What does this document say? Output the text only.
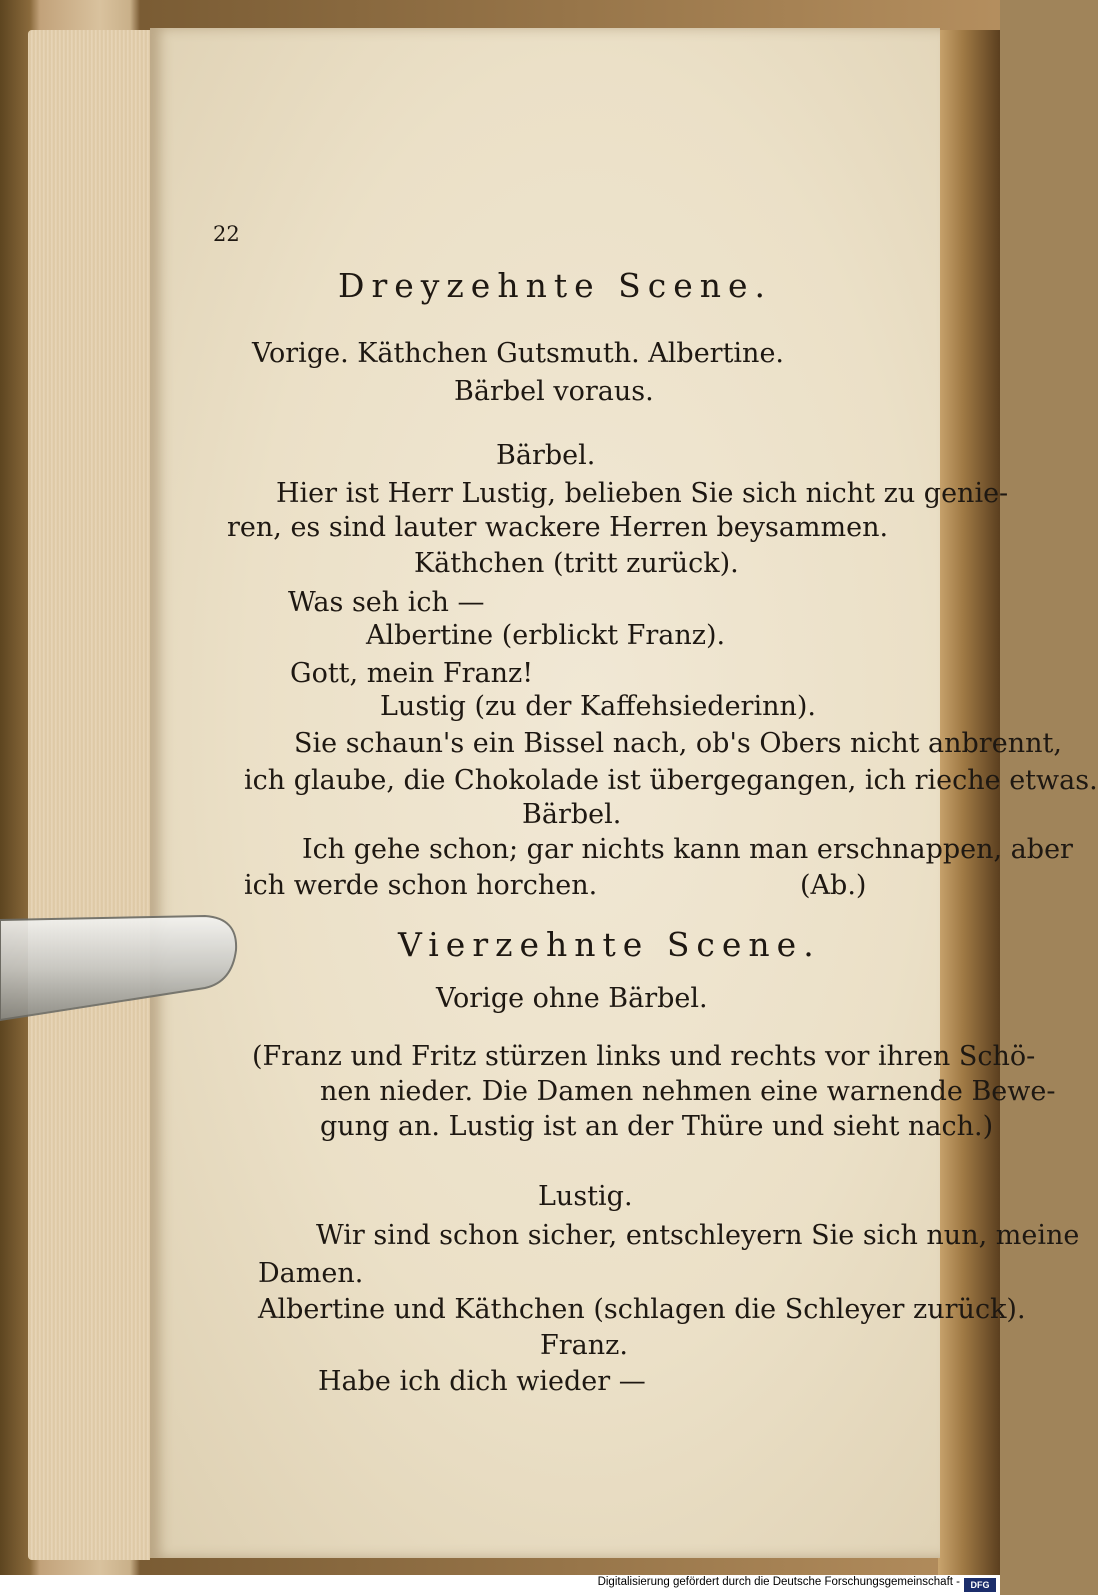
22
Dreyzehnte Scene.
Vorige. Käthchen Gutsmuth. Albertine.
Bärbel voraus.
Bärbel.
Hier ist Herr Lustig, belieben Sie sich nicht zu genie-
ren, es sind lauter wackere Herren beysammen.
Käthchen (tritt zurück).
Was seh ich —
Albertine (erblickt Franz).
Gott, mein Franz!
Lustig (zu der Kaffehsiederinn).
Sie schaun's ein Bissel nach, ob's Obers nicht anbrennt,
ich glaube, die Chokolade ist übergegangen, ich rieche etwas.
Bärbel.
Ich gehe schon; gar nichts kann man erschnappen, aber
ich werde schon horchen.	(Ab.)
Vierzehnte Scene.
Vorige ohne Bärbel.
(Franz und Fritz stürzen links und rechts vor ihren Schö-
nen nieder. Die Damen nehmen eine warnende Bewe-
gung an. Lustig ist an der Thüre und sieht nach.)
Lustig.
Wir sind schon sicher, entschleyern Sie sich nun, meine
Damen.
Albertine und Käthchen (schlagen die Schleyer zurück).
Franz.
Habe ich dich wieder —
Digitalisierung gefördert durch die Deutsche Forschungsgemeinschaft -	DFG
